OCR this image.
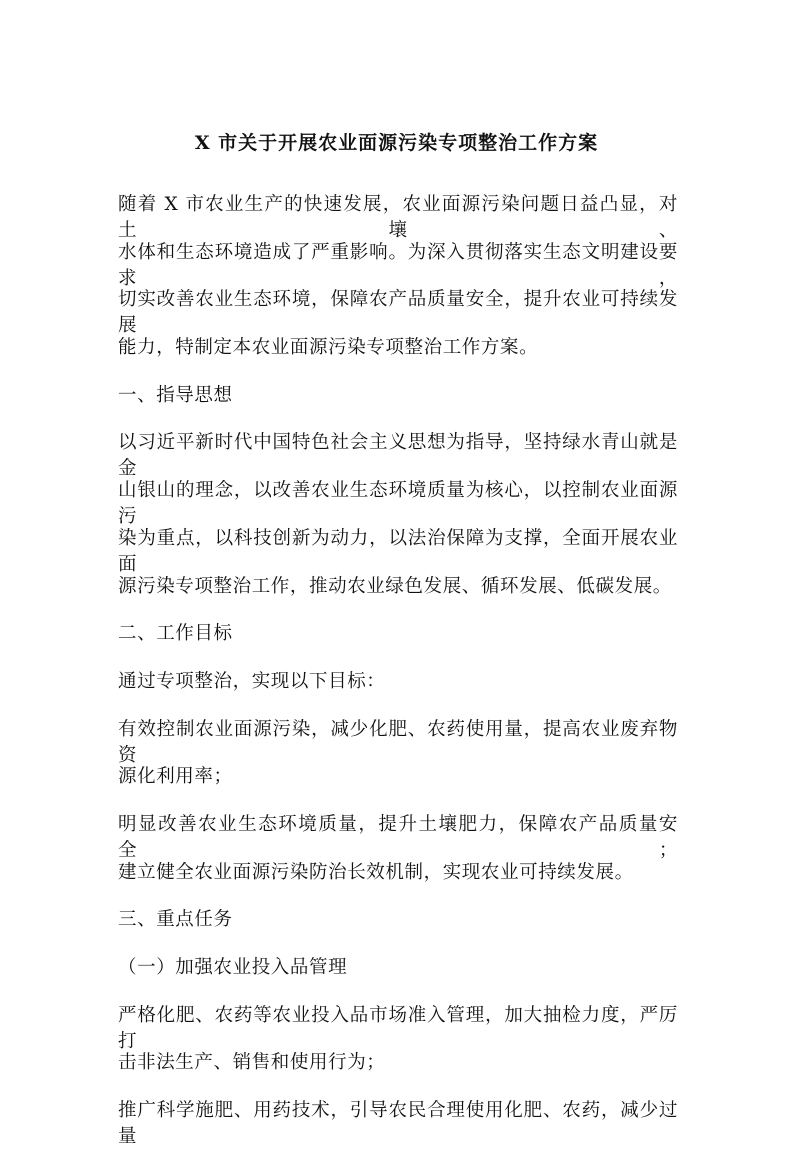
X 市关于开展农业面源污染专项整治工作方案

随着 X 市农业生产的快速发展，农业面源污染问题日益凸显，对土壤、

水体和生态环境造成了严重影响。为深入贯彻落实生态文明建设要求，

切实改善农业生态环境，保障农产品质量安全，提升农业可持续发展

能力，特制定本农业面源污染专项整治工作方案。

一、指导思想

以习近平新时代中国特色社会主义思想为指导，坚持绿水青山就是金

山银山的理念，以改善农业生态环境质量为核心，以控制农业面源污

染为重点，以科技创新为动力，以法治保障为支撑，全面开展农业面

源污染专项整治工作，推动农业绿色发展、循环发展、低碳发展。

二、工作目标

通过专项整治，实现以下目标：

有效控制农业面源污染，减少化肥、农药使用量，提高农业废弃物资

源化利用率；

明显改善农业生态环境质量，提升土壤肥力，保障农产品质量安全；

建立健全农业面源污染防治长效机制，实现农业可持续发展。

三、重点任务

（一）加强农业投入品管理

严格化肥、农药等农业投入品市场准入管理，加大抽检力度，严厉打

击非法生产、销售和使用行为；

推广科学施肥、用药技术，引导农民合理使用化肥、农药，减少过量
